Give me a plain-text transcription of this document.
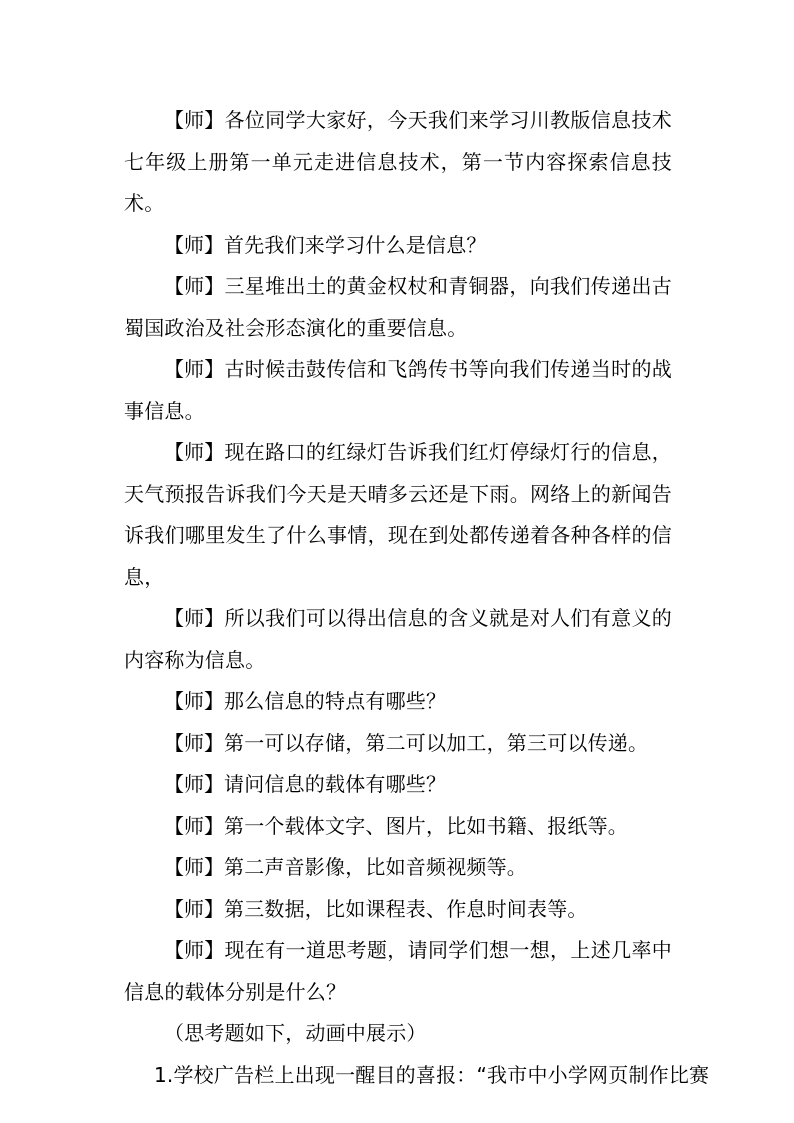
【师】各位同学大家好，今天我们来学习川教版信息技术七年级上册第一单元走进信息技术，第一节内容探索信息技术。

【师】首先我们来学习什么是信息？

【师】三星堆出土的黄金权杖和青铜器，向我们传递出古蜀国政治及社会形态演化的重要信息。

【师】古时候击鼓传信和飞鸽传书等向我们传递当时的战事信息。

【师】现在路口的红绿灯告诉我们红灯停绿灯行的信息，天气预报告诉我们今天是天晴多云还是下雨。网络上的新闻告诉我们哪里发生了什么事情，现在到处都传递着各种各样的信息，

【师】所以我们可以得出信息的含义就是对人们有意义的内容称为信息。

【师】那么信息的特点有哪些？

【师】第一可以存储，第二可以加工，第三可以传递。

【师】请问信息的载体有哪些？

【师】第一个载体文字、图片，比如书籍、报纸等。

【师】第二声音影像，比如音频视频等。

【师】第三数据，比如课程表、作息时间表等。

【师】现在有一道思考题，请同学们想一想，上述几率中信息的载体分别是什么？

（思考题如下，动画中展示）

1.学校广告栏上出现一醒目的喜报：“我市中小学网页制作比赛
